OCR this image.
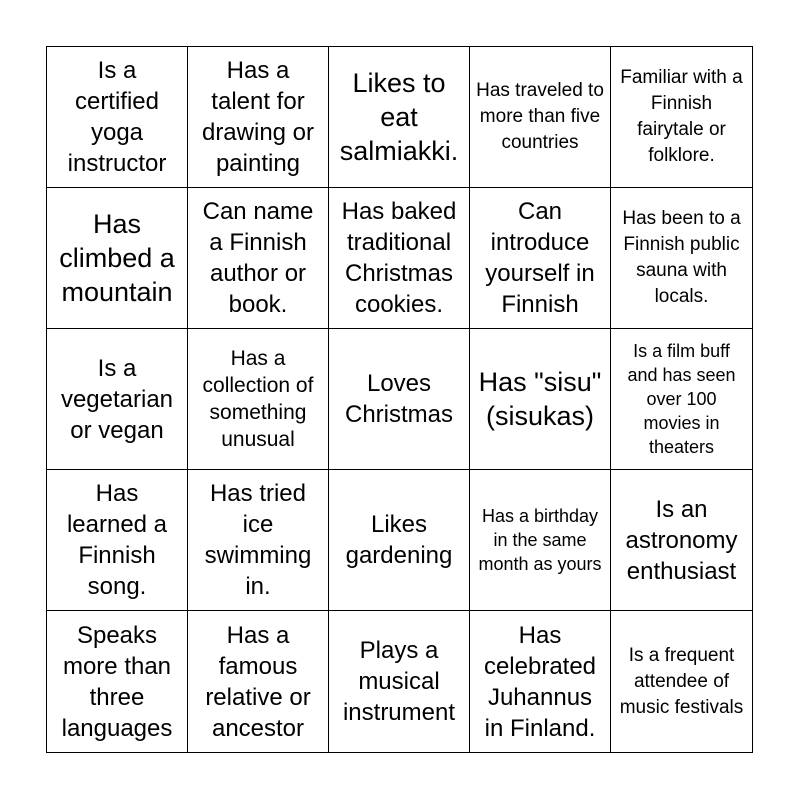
Is a certified yoga instructor
Has a talent for drawing or painting
Likes to eat salmiakki.
Has traveled to more than five countries
Familiar with a Finnish fairytale or folklore.
Has climbed a mountain
Can name a Finnish author or book.
Has baked traditional Christmas cookies.
Can introduce yourself in Finnish
Has been to a Finnish public sauna with locals.
Is a vegetarian or vegan
Has a collection of something unusual
Loves Christmas
Has "sisu" (sisukas)
Is a film buff and has seen over 100 movies in theaters
Has learned a Finnish song.
Has tried ice swimming in.
Likes gardening
Has a birthday in the same month as yours
Is an astronomy enthusiast
Speaks more than three languages
Has a famous relative or ancestor
Plays a musical instrument
Has celebrated Juhannus in Finland.
Is a frequent attendee of music festivals
